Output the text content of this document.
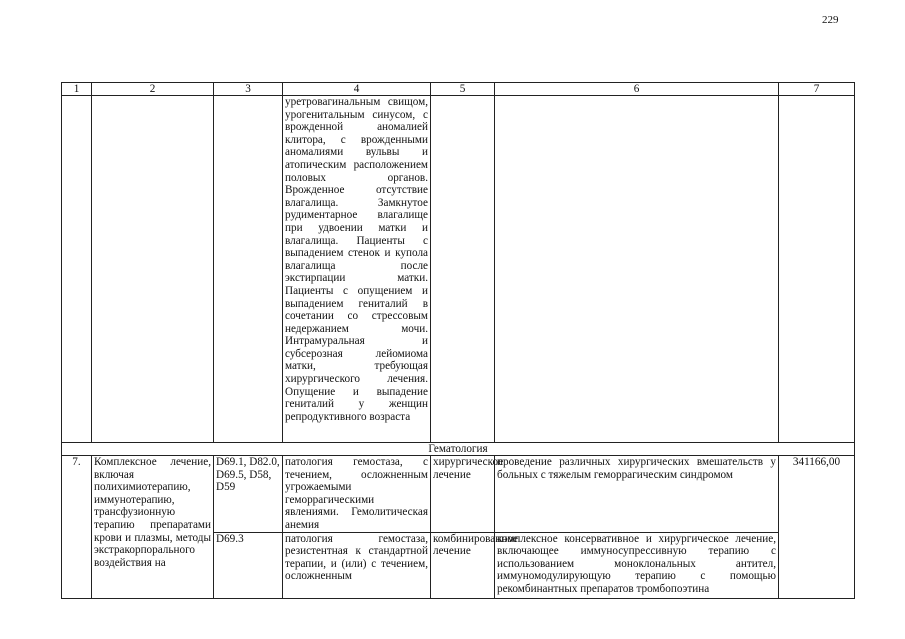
229
1	2	3	4	5	6	7
			уретровагинальным свищом, урогенитальным синусом, с врожденной аномалией клитора, с врожденными аномалиями вульвы и атопическим расположением половых органов. Врожденное отсутствие влагалища. Замкнутое рудиментарное влагалище при удвоении матки и влагалища. Пациенты с выпадением стенок и купола влагалища после экстирпации матки. Пациенты с опущением и выпадением гениталий в сочетании со стрессовым недержанием мочи. Интрамуральная и субсерозная лейомиома матки, требующая хирургического лечения. Опущение и выпадение гениталий у женщин репродуктивного возраста			
Гематология						
7.	Комплексное лечение, включая полихимиотерапию, иммунотерапию, трансфузионную терапию препаратами крови и плазмы, методы экстракорпорального воздействия на	D69.1, D82.0, D69.5, D58, D59	патология гемостаза, с течением, осложненным угрожаемыми геморрагическими явлениями. Гемолитическая анемия	хирургическое лечение	проведение различных хирургических вмешательств у больных с тяжелым геморрагическим синдромом	341166,00
		D69.3	патология гемостаза, резистентная к стандартной терапии, и (или) с течением, осложненным	комбинированное лечение	комплексное консервативное и хирургическое лечение, включающее иммуносупрессивную терапию с использованием моноклональных антител, иммуномодулирующую терапию с помощью рекомбинантных препаратов тромбопоэтина	
